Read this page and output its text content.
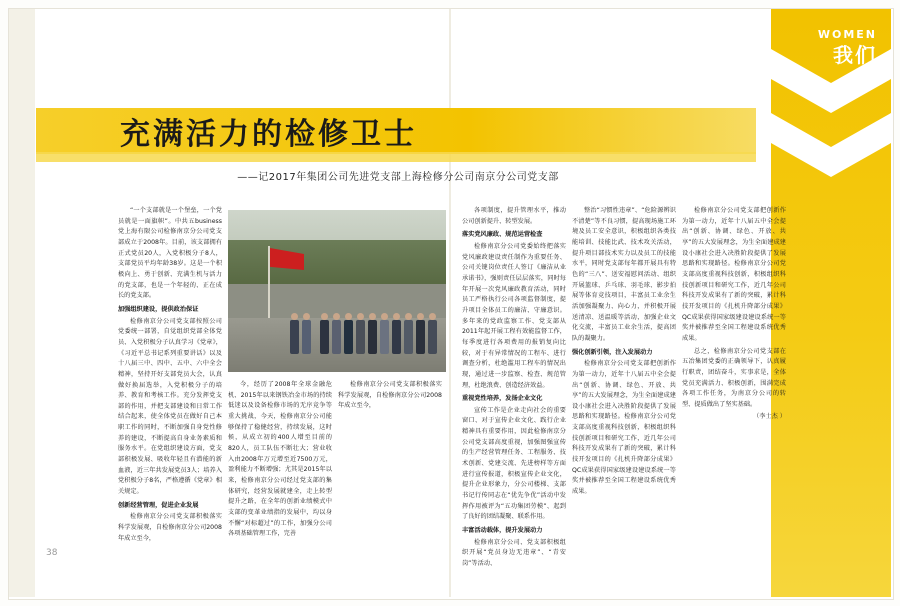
WOMEN
我们
充满活力的检修卫士
——记2017年集团公司先进党支部上海检修分公司南京分公司党支部

“一个支部就是一个堡垒，一个党员就是一面旗帜”。中共五business党上海有限公司检修南京分公司党支部成立于2008年。目前，该支部拥有正式党员20人，入党积极分子8人，支部党员平均年龄38岁。这是一个积极向上、勇于创新、充满生机与活力的党支部，也是一个年轻的、正在成长的党支部。

加强组织建设，提供政治保证

检修南京分公司党支部按照公司党委统一部署，自觉组织党部全体党员、入党积极分子认真学习《党章》，《习近平总书记系列重要讲话》以及十八届三中、四中、五中、六中全会精神，坚持开好支部党员大会，认真做好换届选举，入党积极分子的培养、教育和考核工作。充分发挥党支部的作用，并把支部建设和日常工作结合起来，使全体党员在做好自己本职工作的同时，不断加强自身党性修养的建设，不断提高自身业务素质和服务水平。在党组织建设方面，党支部积极发展、吸收年轻且有潜能的新血液，近三年共发展党员3人；培养入党积极分子8名，严格遵循《党章》相关规定。

创新经营管理，促进企业发展

检修南京分公司党支部积极落实科学发展观，自检修南京分公司2008年成立至今，

今，经历了2008年全球金融危机、2015年以来钢铁冶金市场的持续低迷以及设备检修市场的无序竞争等重大挑战，今天，检修南京分公司能够保持了稳健经营，持续发展，这时候，从成立初的400人增至目前的820人，员工队伍不断壮大；营业收入由2008年万元增至近7500万元，盈利能力不断增强；尤其是2015年以来，检修南京分公司经过党支部的集体研究，经营发展就建全，走上转型提升之路，在全年的创新业绩模式中支部的变革业绩指的发展中，均以身不懈“对标超过”的工作，加强分公司各项基础管理工作，完善

检修南京分公司党支部积极落实科学发展观，自检修南京分公司2008年成立至今，

各项制度，提升管理水平，推动公司创新提升、转型发展。

落实党风廉政、规范运营检查

检修南京分公司党委始终把落实党风廉政建设责任制作为重要任务、公司关键岗位责任人签订《廉洁从业承诺书》，强则责任层层落实，同时每年开展一次党风廉政教育活动，同时员工严格执行公司各项监督制度，提升项目全体员工的廉洁、守廉意识。多年来的党政监察工作、党支部从2011年起开展工程有效能监督工作，每季度进行各项费用的报销复向比较，对于有异常情况的工程车、进行调查分析，杜绝滥用工程车的情况出现，通过进一步监察、检查、规范管理，杜绝浪费、创造经济效益。

重视党性培养，发扬企业文化

宣传工作是企业走向社会的重要窗口、对于宣传企业文化、践行企业精神具有重要作用，因此检修南京分公司党支部高度重视，加强图强宣传的生产经营管理任务、工程服务、技术创新、党建交流、先进榜样等方面进行宣传报道，积极宣传企业文化，提升企业形象力，分公司楼梯、支部书记行传同志在“优先争优”活动中发挥作用被评为“五功集团劳模”、起到了良好的团结凝聚、联系作用。

丰富活动载体，提升发展动力

检修南京分公司、党支部积极组织开展“党员身边无违章”、“青安岗”等活动、

整治“习惯性违章”、“危险源辨识不清楚”等不良习惯，提高现场施工环境及员工安全意识，积极组织各类技能培训、技能比武、技术攻关活动，提升项目部技术实力以及员工的技能水平，同时党支部每年都开展具有特色的“三八”、送安福慰问活动、组织开展篮球、乒乓球、羽毛球、影步拍展等体育竞技项目，丰富员工业余生活加强凝聚力、向心力，并积极开展送清凉、送温暖等活动，加强企业文化交流，丰富员工业余生活，提高团队的凝聚力。

强化创新引领，注入发展动力

检修南京分公司党支部把创新作为第一动力，近年十八届五中全会提出“创新、协调、绿色、开放、共享”的五大发展理念，为生全面建成建设小康社会进入决胜阶段提供了发展思路和实现路径。检修南京分公司党支部高度重视科技创新，积极组织科技创新项目和研究工作，近几年公司科技开发成果有了新的突破，累计科技开发项目的《扎机升降部分成果》QC成果获得国家级建设建设系统一等奖并被推荐至全国工程建设系统优秀成果。

检修南京分公司党支部把创新作为第一动力，近年十八届五中全会提出“创新、协调、绿色、开放、共享”的五大发展理念，为生全面建成建设小康社会进入决胜阶段提供了发展思路和实现路径。检修南京分公司党支部高度重视科技创新，积极组织科技创新项目和研究工作，近几年公司科技开发成果有了新的突破，累计科技开发项目的《扎机升降部分成果》QC成果获得国家级建设建设系统一等奖并被推荐至全国工程建设系统优秀成果。

总之，检修南京分公司党支部在五冶集团党委的正确领导下，认真履行职责，团结奋斗，实事求是，全体党员充满活力、积极创新，围满完成各项工作任务，为南京分公司的转型、提质做出了坚实基础。

（李士杰 ）

38
